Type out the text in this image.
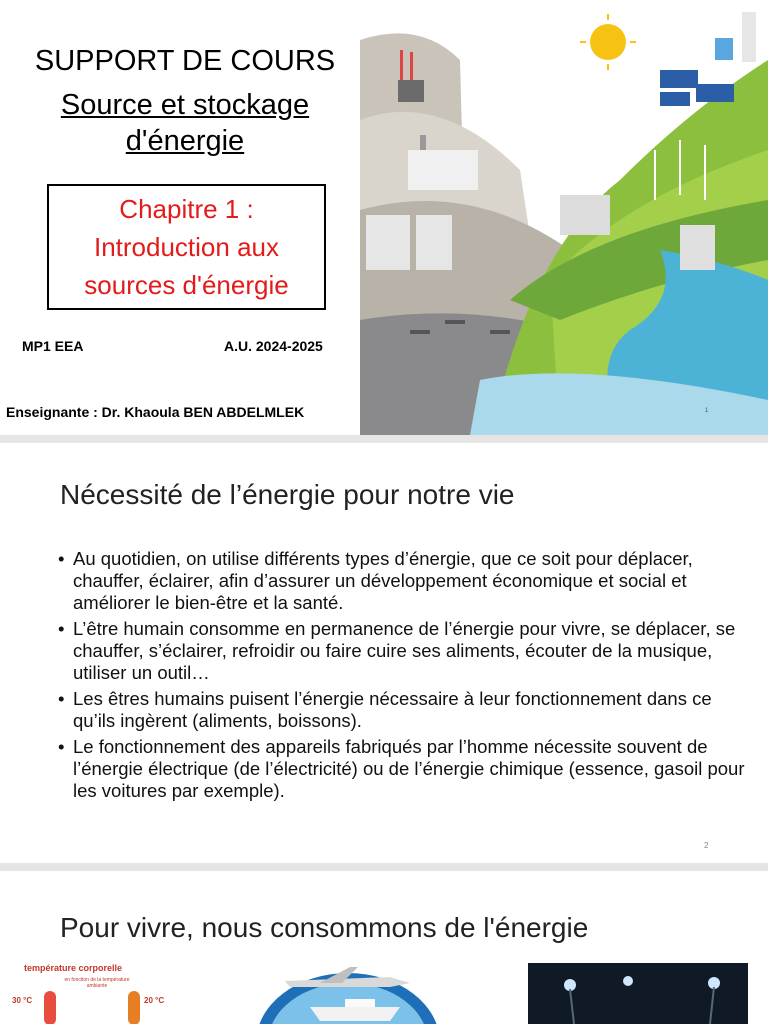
SUPPORT DE COURS
Source et stockage
d'énergie
Chapitre 1 :
Introduction aux
sources d'énergie
MP1 EEA	A.U. 2024-2025
Enseignante : Dr. Khaoula BEN ABDELMLEK	1
Nécessité de l’énergie pour notre vie
• Au quotidien, on utilise différents types d’énergie, que ce soit pour déplacer, chauffer, éclairer, afin d’assurer un développement économique et social et améliorer le bien-être et la santé.
• L’être humain consomme en permanence de l’énergie pour vivre, se déplacer, se chauffer, s’éclairer, refroidir ou faire cuire ses aliments, écouter de la musique, utiliser un outil…
• Les êtres humains puisent l’énergie nécessaire à leur fonctionnement dans ce qu’ils ingèrent (aliments, boissons).
• Le fonctionnement des appareils fabriqués par l’homme nécessite souvent de l’énergie électrique (de l’électricité) ou de l’énergie chimique (essence, gasoil pour les voitures par exemple).
2
Pour vivre, nous consommons de l'énergie
température corporelle
en fonction de la température ambiante
30 °C	20 °C
